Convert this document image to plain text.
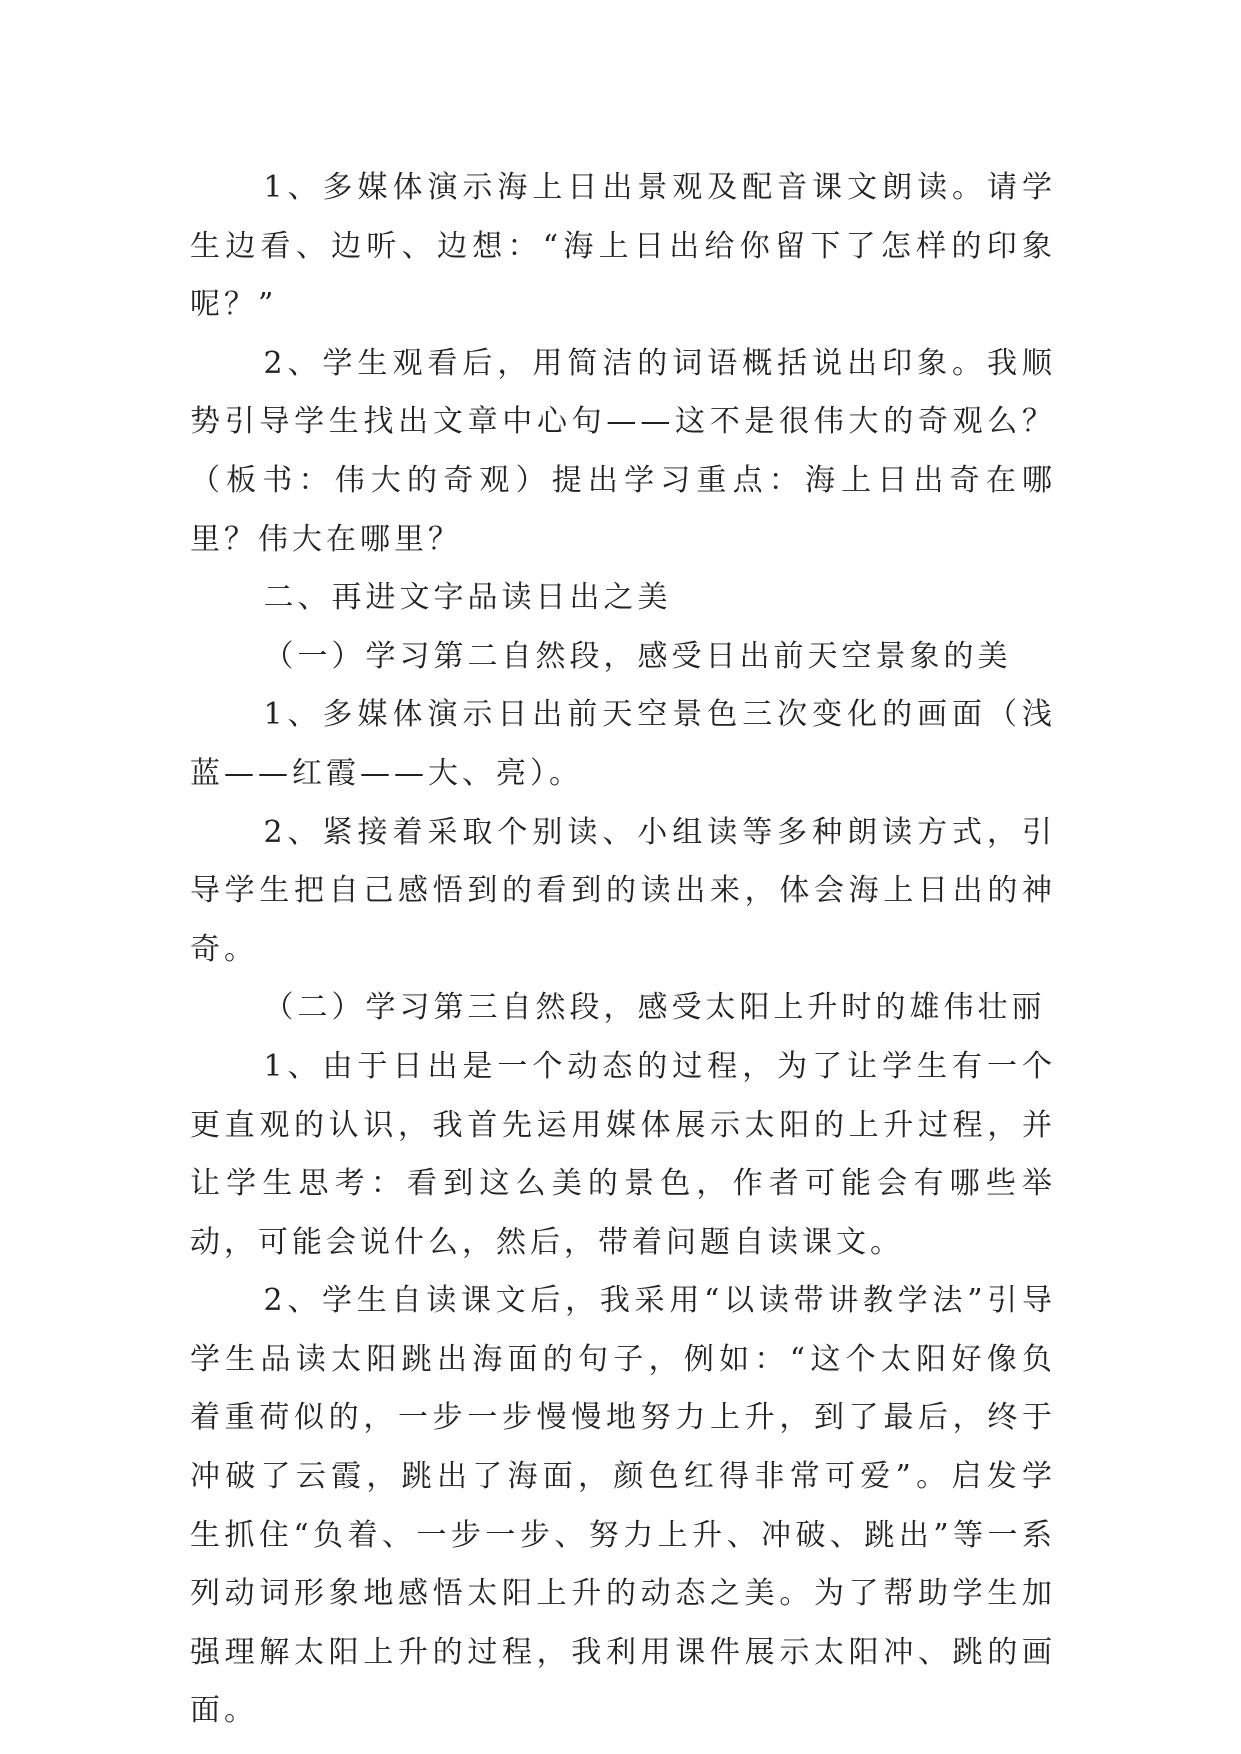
1、多媒体演示海上日出景观及配音课文朗读。请学生边看、边听、边想：“海上日出给你留下了怎样的印象呢？”

2、学生观看后，用简洁的词语概括说出印象。我顺势引导学生找出文章中心句——这不是很伟大的奇观么？（板书：伟大的奇观）提出学习重点：海上日出奇在哪里？伟大在哪里？

二、再进文字品读日出之美

（一）学习第二自然段，感受日出前天空景象的美

1、多媒体演示日出前天空景色三次变化的画面（浅蓝——红霞——大、亮）。

2、紧接着采取个别读、小组读等多种朗读方式，引导学生把自己感悟到的看到的读出来，体会海上日出的神奇。

（二）学习第三自然段，感受太阳上升时的雄伟壮丽

1、由于日出是一个动态的过程，为了让学生有一个更直观的认识，我首先运用媒体展示太阳的上升过程，并让学生思考：看到这么美的景色，作者可能会有哪些举动，可能会说什么，然后，带着问题自读课文。

2、学生自读课文后，我采用“以读带讲教学法”引导学生品读太阳跳出海面的句子，例如：“这个太阳好像负着重荷似的，一步一步慢慢地努力上升，到了最后，终于冲破了云霞，跳出了海面，颜色红得非常可爱”。启发学生抓住“负着、一步一步、努力上升、冲破、跳出”等一系列动词形象地感悟太阳上升的动态之美。为了帮助学生加强理解太阳上升的过程，我利用课件展示太阳冲、跳的画面。
